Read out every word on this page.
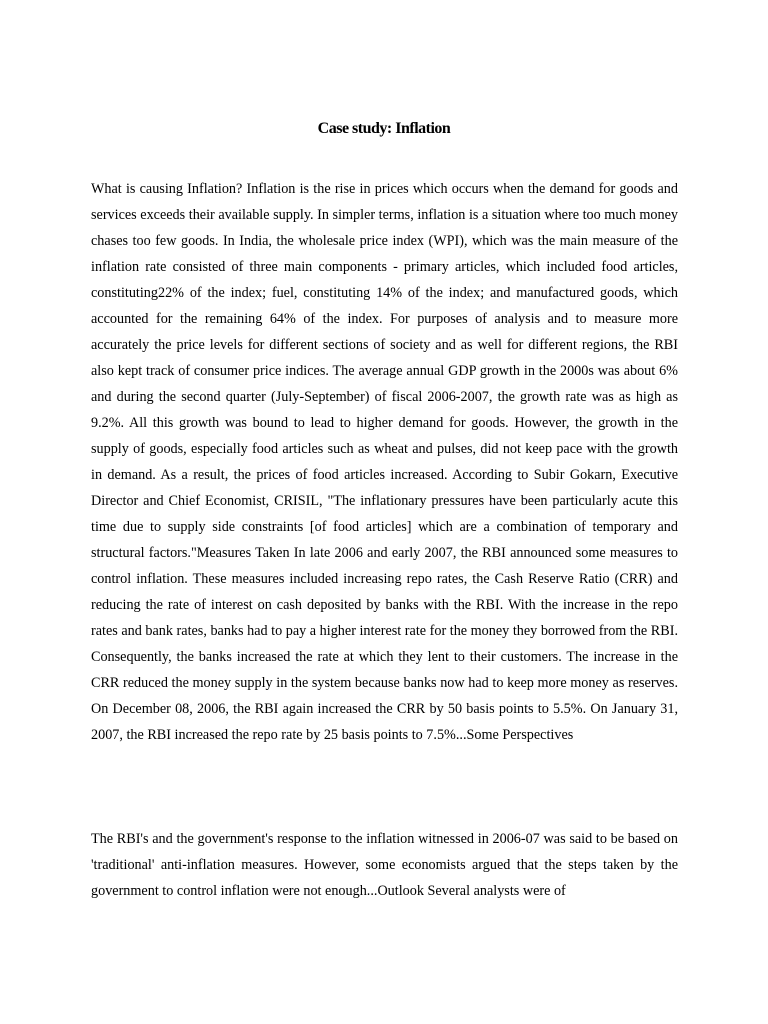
Case study: Inflation

What is causing Inflation? Inflation is the rise in prices which occurs when the demand for goods and services exceeds their available supply. In simpler terms, inflation is a situation where too much money chases too few goods. In India, the wholesale price index (WPI), which was the main measure of the inflation rate consisted of three main components - primary articles, which included food articles, constituting22% of the index; fuel, constituting 14% of the index; and manufactured goods, which accounted for the remaining 64% of the index. For purposes of analysis and to measure more accurately the price levels for different sections of society and as well for different regions, the RBI also kept track of consumer price indices. The average annual GDP growth in the 2000s was about 6% and during the second quarter (July-September) of fiscal 2006-2007, the growth rate was as high as 9.2%. All this growth was bound to lead to higher demand for goods. However, the growth in the supply of goods, especially food articles such as wheat and pulses, did not keep pace with the growth in demand. As a result, the prices of food articles increased. According to Subir Gokarn, Executive Director and Chief Economist, CRISIL, "The inflationary pressures have been particularly acute this time due to supply side constraints [of food articles] which are a combination of temporary and structural factors."Measures Taken In late 2006 and early 2007, the RBI announced some measures to control inflation. These measures included increasing repo rates, the Cash Reserve Ratio (CRR) and reducing the rate of interest on cash deposited by banks with the RBI. With the increase in the repo rates and bank rates, banks had to pay a higher interest rate for the money they borrowed from the RBI. Consequently, the banks increased the rate at which they lent to their customers. The increase in the CRR reduced the money supply in the system because banks now had to keep more money as reserves. On December 08, 2006, the RBI again increased the CRR by 50 basis points to 5.5%. On January 31, 2007, the RBI increased the repo rate by 25 basis points to 7.5%...Some Perspectives

The RBI's and the government's response to the inflation witnessed in 2006-07 was said to be based on 'traditional' anti-inflation measures. However, some economists argued that the steps taken by the government to control inflation were not enough...Outlook Several analysts were of
